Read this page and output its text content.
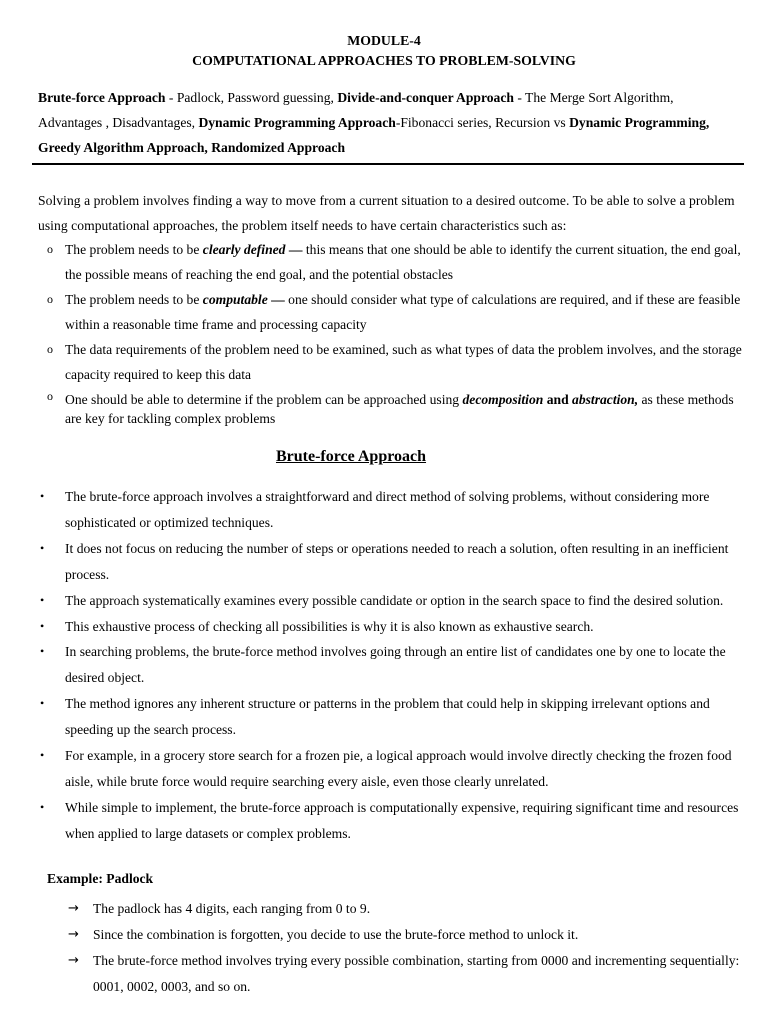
MODULE-4
COMPUTATIONAL APPROACHES TO PROBLEM-SOLVING
Brute-force Approach - Padlock, Password guessing, Divide-and-conquer Approach - The Merge Sort Algorithm, Advantages , Disadvantages, Dynamic Programming Approach-Fibonacci series, Recursion vs Dynamic Programming, Greedy Algorithm Approach, Randomized Approach
Solving a problem involves finding a way to move from a current situation to a desired outcome. To be able to solve a problem using computational approaches, the problem itself needs to have certain characteristics such as:
o The problem needs to be clearly defined — this means that one should be able to identify the current situation, the end goal, the possible means of reaching the end goal, and the potential obstacles
o The problem needs to be computable — one should consider what type of calculations are required, and if these are feasible within a reasonable time frame and processing capacity
o The data requirements of the problem need to be examined, such as what types of data the problem involves, and the storage capacity required to keep this data
o One should be able to determine if the problem can be approached using decomposition and abstraction, as these methods are key for tackling complex problems
Brute-force Approach
• The brute-force approach involves a straightforward and direct method of solving problems, without considering more sophisticated or optimized techniques.
• It does not focus on reducing the number of steps or operations needed to reach a solution, often resulting in an inefficient process.
• The approach systematically examines every possible candidate or option in the search space to find the desired solution.
• This exhaustive process of checking all possibilities is why it is also known as exhaustive search.
• In searching problems, the brute-force method involves going through an entire list of candidates one by one to locate the desired object.
• The method ignores any inherent structure or patterns in the problem that could help in skipping irrelevant options and speeding up the search process.
• For example, in a grocery store search for a frozen pie, a logical approach would involve directly checking the frozen food aisle, while brute force would require searching every aisle, even those clearly unrelated.
• While simple to implement, the brute-force approach is computationally expensive, requiring significant time and resources when applied to large datasets or complex problems.
Example: Padlock
→ The padlock has 4 digits, each ranging from 0 to 9.
→ Since the combination is forgotten, you decide to use the brute-force method to unlock it.
→ The brute-force method involves trying every possible combination, starting from 0000 and incrementing sequentially: 0001, 0002, 0003, and so on.
